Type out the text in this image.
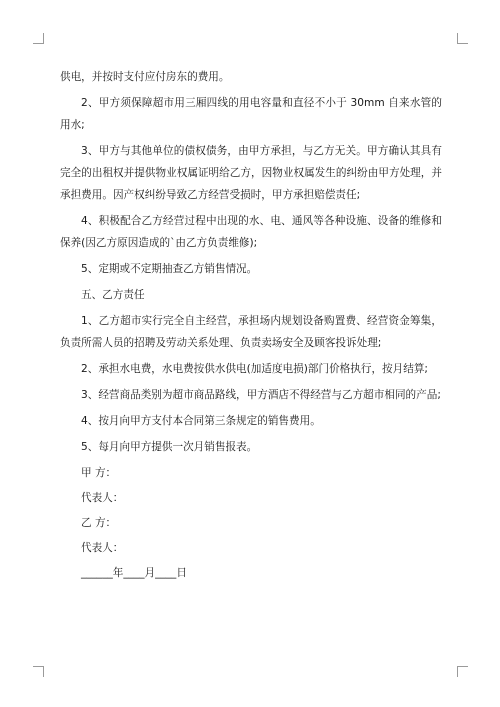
供电，并按时支付应付房东的费用。

2、甲方须保障超市用三厢四线的用电容量和直径不小于 30mm 自来水管的用水;

3、甲方与其他单位的债权债务，由甲方承担，与乙方无关。甲方确认其具有完全的出租权并提供物业权属证明给乙方，因物业权属发生的纠纷由甲方处理，并承担费用。因产权纠纷导致乙方经营受损时，甲方承担赔偿责任;

4、积极配合乙方经营过程中出现的水、电、通风等各种设施、设备的维修和保养(因乙方原因造成的`由乙方负责维修);

5、定期或不定期抽查乙方销售情况。

五、乙方责任

1、乙方超市实行完全自主经营，承担场内规划设备购置费、经营资金筹集，负责所需人员的招聘及劳动关系处理、负责卖场安全及顾客投诉处理;

2、承担水电费，水电费按供水供电(加适度电损)部门价格执行，按月结算;

3、经营商品类别为超市商品路线，甲方酒店不得经营与乙方超市相同的产品;

4、按月向甲方支付本合同第三条规定的销售费用。

5、每月向甲方提供一次月销售报表。

甲 方：

代表人：

乙 方：

代表人：

______年____月____日
